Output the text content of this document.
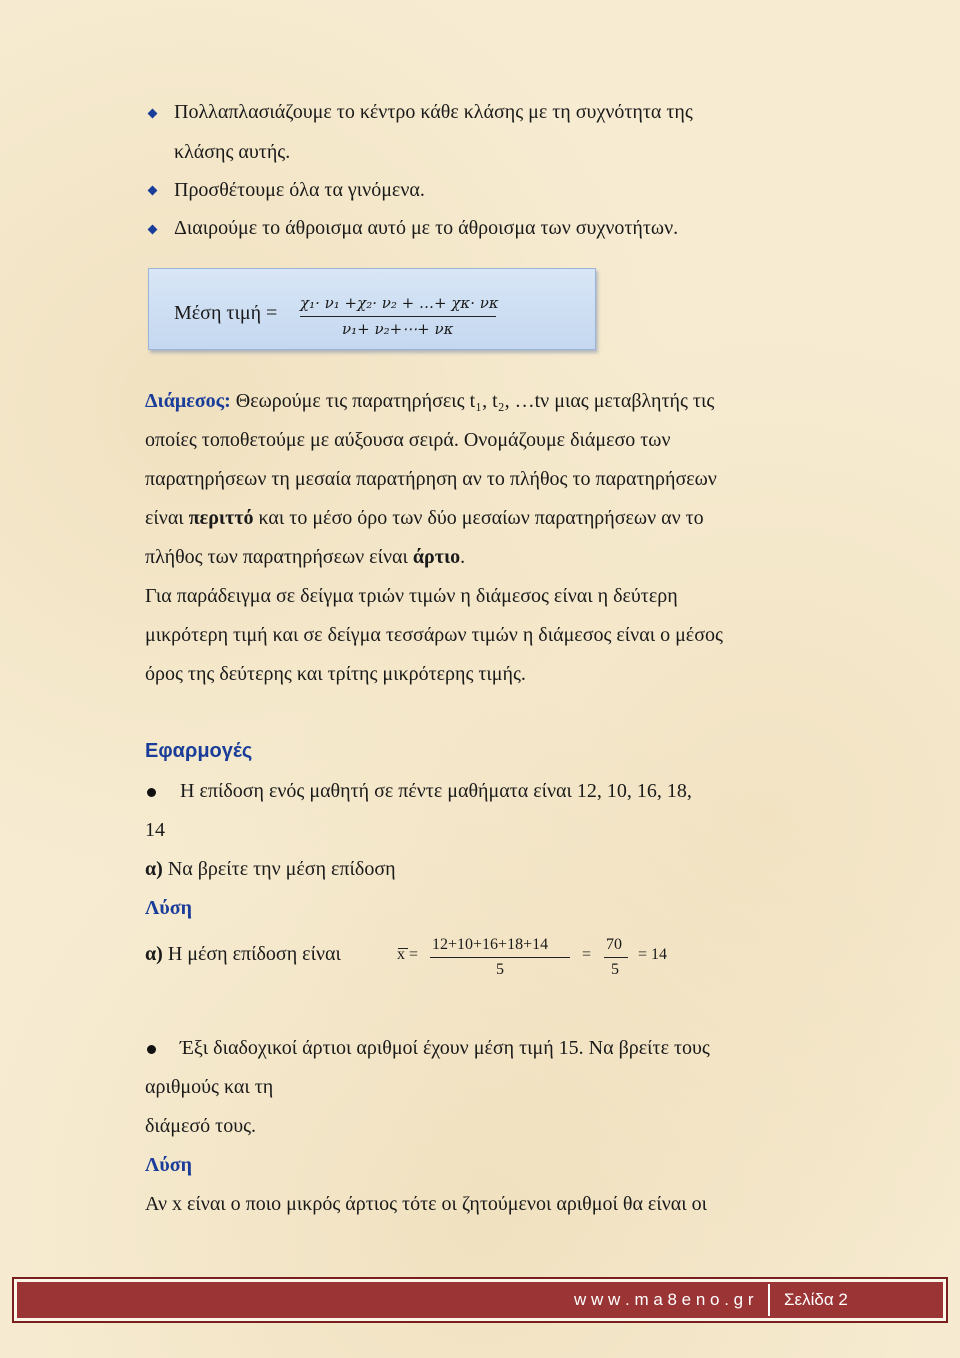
Πολλαπλασιάζουμε το κέντρο κάθε κλάσης με τη συχνότητα της
κλάσης αυτής.
Προσθέτουμε όλα τα γινόμενα.
Διαιρούμε το άθροισμα αυτό με το άθροισμα των συχνοτήτων.
Μέση τιμή = χ₁· ν₁ +χ₂· ν₂ + …+ χκ· νκ
ν₁+ ν₂+⋯+ νκ
Διάμεσος: Θεωρούμε τις παρατηρήσεις t₁, t₂, …tν μιας μεταβλητής τις
οποίες τοποθετούμε με αύξουσα σειρά. Ονομάζουμε διάμεσο των
παρατηρήσεων τη μεσαία παρατήρηση αν το πλήθος το παρατηρήσεων
είναι περιττό και το μέσο όρο των δύο μεσαίων παρατηρήσεων αν το
πλήθος των παρατηρήσεων είναι άρτιο.
Για παράδειγμα σε δείγμα τριών τιμών η διάμεσος είναι η δεύτερη
μικρότερη τιμή και σε δείγμα τεσσάρων τιμών η διάμεσος είναι ο μέσος
όρος της δεύτερης και τρίτης μικρότερης τιμής.
Εφαρμογές
Η επίδοση ενός μαθητή σε πέντε μαθήματα είναι 12, 10, 16, 18,
14
α) Να βρείτε την μέση επίδοση
Λύση
α) Η μέση επίδοση είναι	x =
12+10+16+18+14
5
=
70
5
= 14
Έξι διαδοχικοί άρτιοι αριθμοί έχουν μέση τιμή 15. Να βρείτε τους
αριθμούς και τη
διάμεσό τους.
Λύση
Αν x είναι ο ποιο μικρός άρτιος τότε οι ζητούμενοι αριθμοί θα είναι οι
w w w . m a 8 e n o . g r Σελίδα 2
